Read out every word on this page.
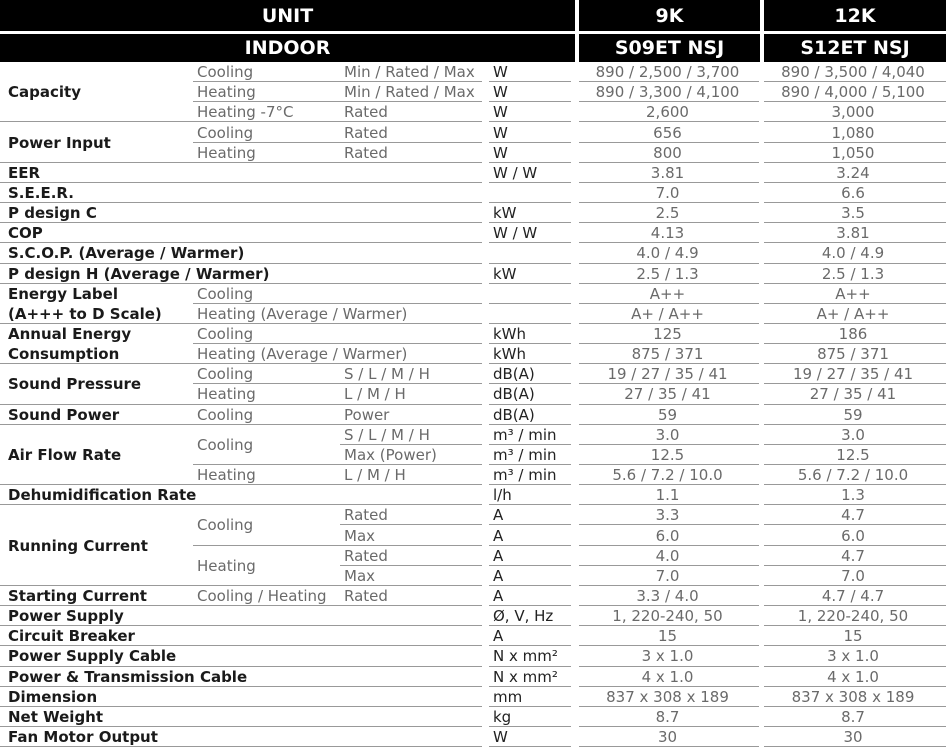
UNIT	9K	12K
INDOOR	S09ET NSJ	S12ET NSJ
Capacity
Cooling	Min / Rated / Max	W	890 / 2,500 / 3,700	890 / 3,500 / 4,040
Heating	Min / Rated / Max	W	890 / 3,300 / 4,100	890 / 4,000 / 5,100
Heating -7°C	Rated	W	2,600	3,000
Power Input
Cooling	Rated	W	656	1,080
Heating	Rated	W	800	1,050
EER	W / W	3.81	3.24
S.E.E.R.	7.0	6.6
P design C	kW	2.5	3.5
COP	W / W	4.13	3.81
S.C.O.P. (Average / Warmer)	4.0 / 4.9	4.0 / 4.9
P design H (Average / Warmer)	kW	2.5 / 1.3	2.5 / 1.3
Energy Label	Cooling	A++	A++
(A+++ to D Scale)	Heating (Average / Warmer)	A+ / A++	A+ / A++
Annual Energy	Cooling	kWh	125	186
Consumption	Heating (Average / Warmer)	kWh	875 / 371	875 / 371
Sound Pressure
Cooling	S / L / M / H	dB(A)	19 / 27 / 35 / 41	19 / 27 / 35 / 41
Heating	L / M / H	dB(A)	27 / 35 / 41	27 / 35 / 41
Sound Power	Cooling	Power	dB(A)	59	59
Air Flow Rate
Cooling
S / L / M / H	m³ / min	3.0	3.0
Max (Power)	m³ / min	12.5	12.5
Heating	L / M / H	m³ / min	5.6 / 7.2 / 10.0	5.6 / 7.2 / 10.0
Dehumidification Rate	l/h	1.1	1.3
Running Current
Cooling
Rated	A	3.3	4.7
Max	A	6.0	6.0
Heating
Rated	A	4.0	4.7
Max	A	7.0	7.0
Starting Current	Cooling / Heating	Rated	A	3.3 / 4.0	4.7 / 4.7
Power Supply	Ø, V, Hz	1, 220-240, 50	1, 220-240, 50
Circuit Breaker	A	15	15
Power Supply Cable	N x mm²	3 x 1.0	3 x 1.0
Power & Transmission Cable	N x mm²	4 x 1.0	4 x 1.0
Dimension	mm	837 x 308 x 189	837 x 308 x 189
Net Weight	kg	8.7	8.7
Fan Motor Output	W	30	30
